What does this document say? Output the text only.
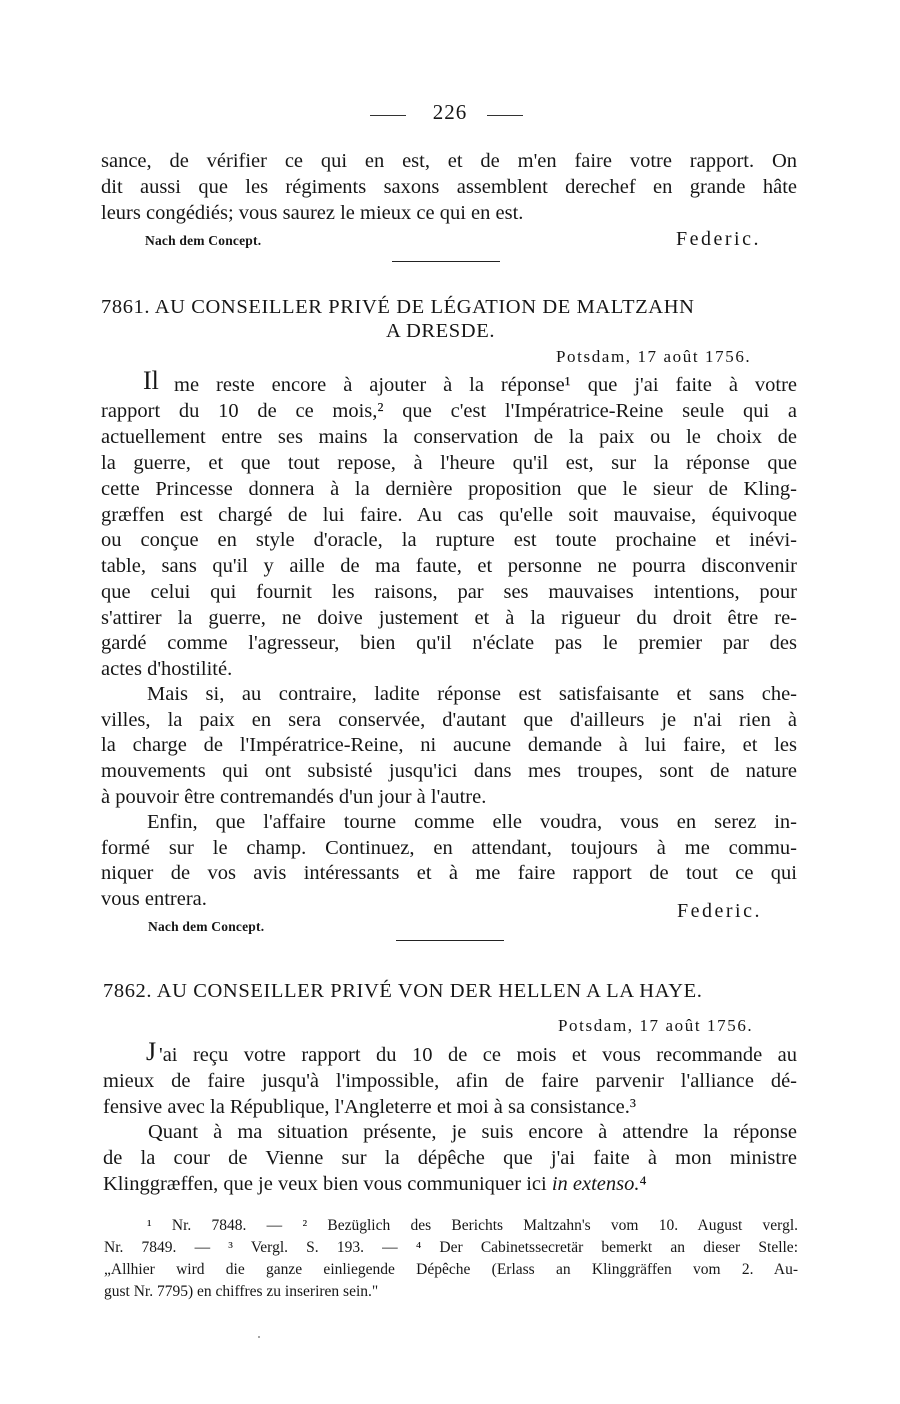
226
sance, de vérifier ce qui en est, et de m'en faire votre rapport. On
dit aussi que les régiments saxons assemblent derechef en grande hâte
leurs congédiés; vous saurez le mieux ce qui en est.
Nach dem Concept.	Federic.
7861. AU CONSEILLER PRIVÉ DE LÉGATION DE MALTZAHN
A DRESDE.
Potsdam, 17 août 1756.
Il me reste encore à ajouter à la réponse¹ que j'ai faite à votre
rapport du 10 de ce mois,² que c'est l'Impératrice-Reine seule qui a
actuellement entre ses mains la conservation de la paix ou le choix de
la guerre, et que tout repose, à l'heure qu'il est, sur la réponse que
cette Princesse donnera à la dernière proposition que le sieur de Kling-
græffen est chargé de lui faire. Au cas qu'elle soit mauvaise, équivoque
ou conçue en style d'oracle, la rupture est toute prochaine et inévi-
table, sans qu'il y aille de ma faute, et personne ne pourra disconvenir
que celui qui fournit les raisons, par ses mauvaises intentions, pour
s'attirer la guerre, ne doive justement et à la rigueur du droit être re-
gardé comme l'agresseur, bien qu'il n'éclate pas le premier par des
actes d'hostilité.
Mais si, au contraire, ladite réponse est satisfaisante et sans che-
villes, la paix en sera conservée, d'autant que d'ailleurs je n'ai rien à
la charge de l'Impératrice-Reine, ni aucune demande à lui faire, et les
mouvements qui ont subsisté jusqu'ici dans mes troupes, sont de nature
à pouvoir être contremandés d'un jour à l'autre.
Enfin, que l'affaire tourne comme elle voudra, vous en serez in-
formé sur le champ. Continuez, en attendant, toujours à me commu-
niquer de vos avis intéressants et à me faire rapport de tout ce qui
vous entrera.
Federic.
Nach dem Concept.
7862. AU CONSEILLER PRIVÉ VON DER HELLEN A LA HAYE.
Potsdam, 17 août 1756.
J 'ai reçu votre rapport du 10 de ce mois et vous recommande au
mieux de faire jusqu'à l'impossible, afin de faire parvenir l'alliance dé-
fensive avec la République, l'Angleterre et moi à sa consistance.³
Quant à ma situation présente, je suis encore à attendre la réponse
de la cour de Vienne sur la dépêche que j'ai faite à mon ministre
Klinggræffen, que je veux bien vous communiquer ici in extenso.⁴
¹ Nr. 7848. — ² Bezüglich des Berichts Maltzahn's vom 10. August vergl.
Nr. 7849. — ³ Vergl. S. 193. — ⁴ Der Cabinetssecretär bemerkt an dieser Stelle:
„Allhier wird die ganze einliegende Dépêche (Erlass an Klinggräffen vom 2. Au-
gust Nr. 7795) en chiffres zu inseriren sein."
